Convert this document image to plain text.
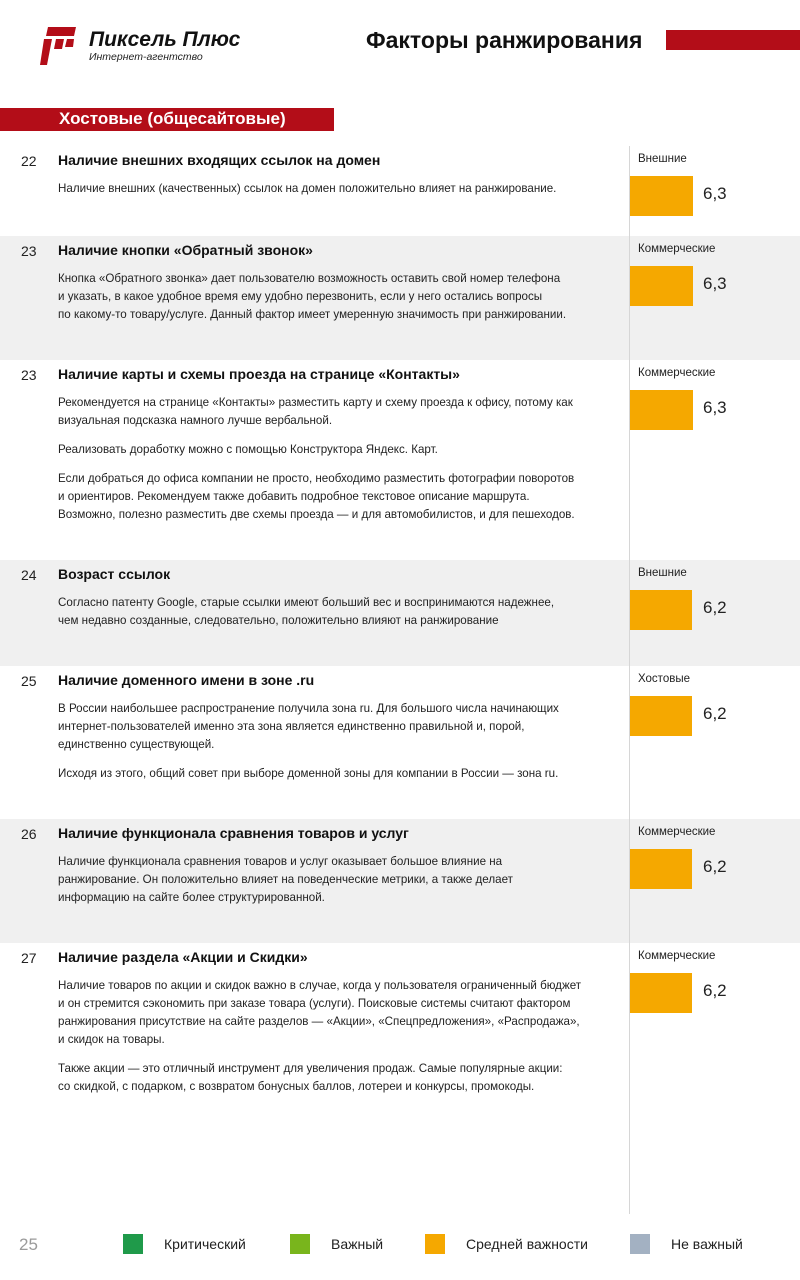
Пиксель Плюс
Интернет-агентство
Факторы ранжирования
Хостовые (общесайтовые)
22 Наличие внешних входящих ссылок на домен	Внешние
6,3

Наличие внешних (качественных) ссылок на домен положительно влияет на ранжирование.

23 Наличие кнопки «Обратный звонок»	Коммерческие
6,3

Кнопка «Обратного звонка» дает пользователю возможность оставить свой номер телефона
и указать, в какое удобное время ему удобно перезвонить, если у него остались вопросы
по какому-то товару/услуге. Данный фактор имеет умеренную значимость при ранжировании.

23 Наличие карты и схемы проезда на странице «Контакты»	Коммерческие
6,3

Рекомендуется на странице «Контакты» разместить карту и схему проезда к офису, потому как
визуальная подсказка намного лучше вербальной.

Реализовать доработку можно с помощью Конструктора Яндекс. Карт.

Если добраться до офиса компании не просто, необходимо разместить фотографии поворотов
и ориентиров. Рекомендуем также добавить подробное текстовое описание маршрута.
Возможно, полезно разместить две схемы проезда — и для автомобилистов, и для пешеходов.

24 Возраст ссылок	Внешние
6,2

Согласно патенту Google, старые ссылки имеют больший вес и воспринимаются надежнее,
чем недавно созданные, следовательно, положительно влияют на ранжирование

25 Наличие доменного имени в зоне .ru	Хостовые
6,2

В России наибольшее распространение получила зона ru. Для большого числа начинающих
интернет-пользователей именно эта зона является единственно правильной и, порой,
единственно существующей.

Исходя из этого, общий совет при выборе доменной зоны для компании в России — зона ru.

26 Наличие функционала сравнения товаров и услуг	Коммерческие
6,2

Наличие функционала сравнения товаров и услуг оказывает большое влияние на
ранжирование. Он положительно влияет на поведенческие метрики, а также делает
информацию на сайте более структурированной.

27 Наличие раздела «Акции и Скидки»	Коммерческие
6,2

Наличие товаров по акции и скидок важно в случае, когда у пользователя ограниченный бюджет
и он стремится сэкономить при заказе товара (услуги). Поисковые системы считают фактором
ранжирования присутствие на сайте разделов — «Акции», «Спецпредложения», «Распродажа»,
и скидок на товары.

Также акции — это отличный инструмент для увеличения продаж. Самые популярные акции:
со скидкой, с подарком, с возвратом бонусных баллов, лотереи и конкурсы, промокоды.

25	Критический	Важный	Средней важности	Не важный
